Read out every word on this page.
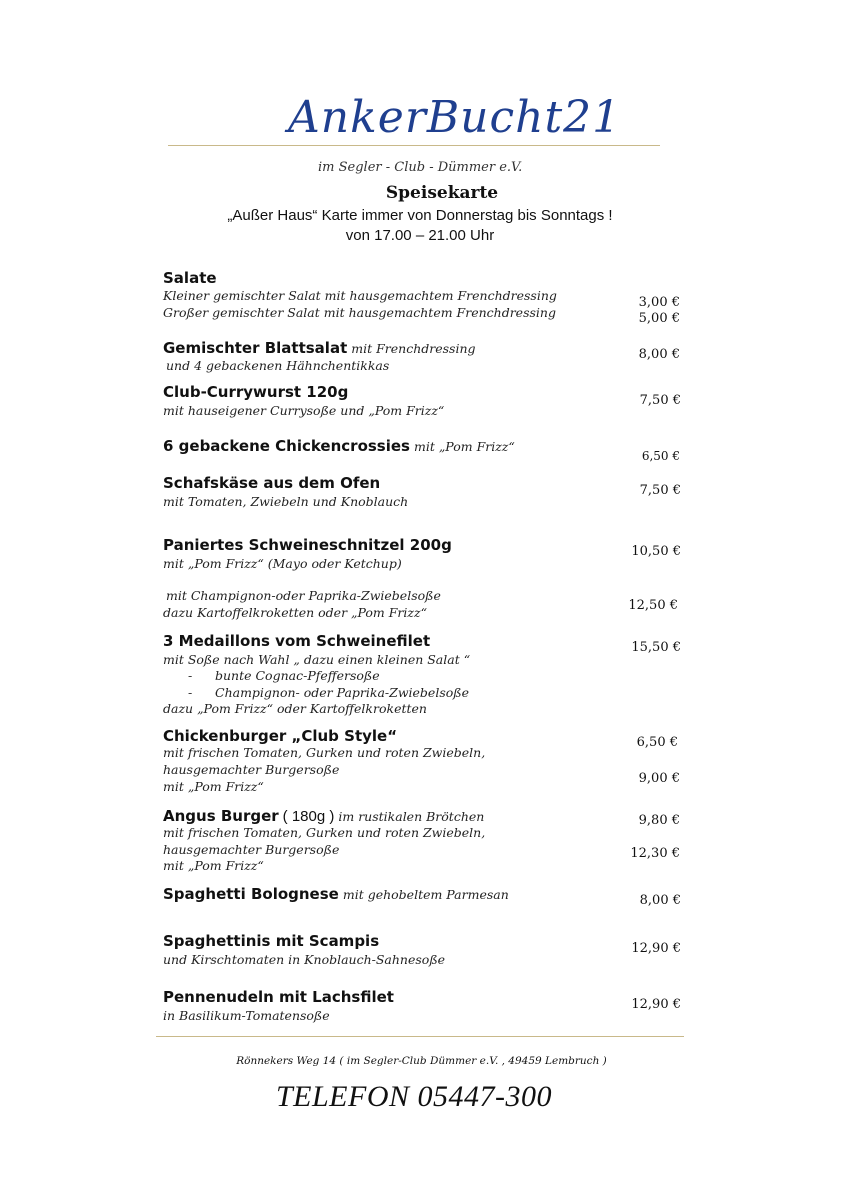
AnkerBucht21
im Segler - Club - Dümmer e.V.
Speisekarte
„Außer Haus“ Karte immer von Donnerstag bis Sonntags !
von 17.00 – 21.00 Uhr
Salate
Kleiner gemischter Salat mit hausgemachtem Frenchdressing
Großer gemischter Salat mit hausgemachtem Frenchdressing
3,00 €
5,00 €
Gemischter Blattsalat mit Frenchdressing
und 4 gebackenen Hähnchentikkas
8,00 €
Club-Currywurst 120g
mit hauseigener Currysoße und „Pom Frizz“
7,50 €
6 gebackene Chickencrossies mit „Pom Frizz“
6,50 €
Schafskäse aus dem Ofen
mit Tomaten, Zwiebeln und Knoblauch
7,50 €
Paniertes Schweineschnitzel 200g
mit „Pom Frizz“ (Mayo oder Ketchup)
10,50 €
mit Champignon-oder Paprika-Zwiebelsoße
dazu Kartoffelkroketten oder „Pom Frizz“	12,50 €
3 Medaillons vom Schweinefilet
mit Soße nach Wahl „ dazu einen kleinen Salat “
- bunte Cognac-Pfeffersoße
- Champignon- oder Paprika-Zwiebelsoße
dazu „Pom Frizz“ oder Kartoffelkroketten
15,50 €
Chickenburger „Club Style“
mit frischen Tomaten, Gurken und roten Zwiebeln,
hausgemachter Burgersoße
mit „Pom Frizz“
6,50 €
9,00 €
Angus Burger ( 180g ) im rustikalen Brötchen
mit frischen Tomaten, Gurken und roten Zwiebeln,
hausgemachter Burgersoße
mit „Pom Frizz“
9,80 €
12,30 €
Spaghetti Bolognese mit gehobeltem Parmesan	8,00 €
Spaghettinis mit Scampis
und Kirschtomaten in Knoblauch-Sahnesoße
12,90 €
Pennenudeln mit Lachsfilet
in Basilikum-Tomatensoße
12,90 €
Rönnekers Weg 14 ( im Segler-Club Dümmer e.V. , 49459 Lembruch )
TELEFON 05447-300
